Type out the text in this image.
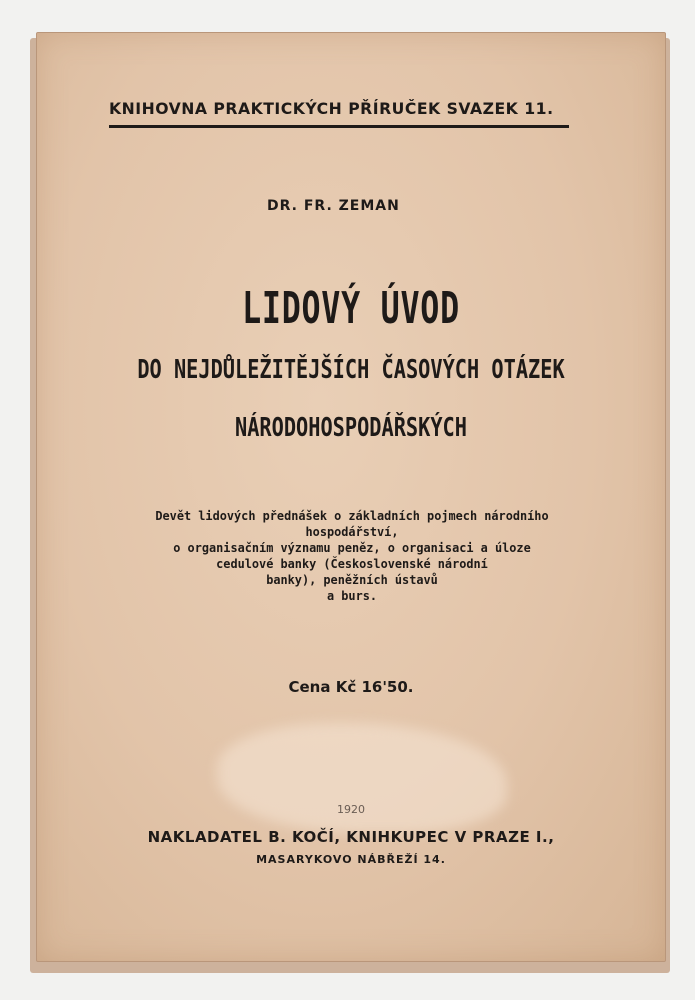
KNIHOVNA PRAKTICKÝCH PŘÍRUČEK SVAZEK 11.
DR. FR. ZEMAN
LIDOVÝ ÚVOD
DO NEJDŮLEŽITĚJŠÍCH ČASOVÝCH OTÁZEK
NÁRODOHOSPODÁŘSKÝCH
Devět lidových přednášek o základních pojmech národního hospodářství,
o organisačním významu peněz, o organisaci a úloze
cedulové banky (Československé národní
banky), peněžních ústavů
a burs.
Cena Kč 16'50.
1920
NAKLADATEL B. KOČÍ, KNIHKUPEC V PRAZE I.,
MASARYKOVO NÁBŘEŽÍ 14.
